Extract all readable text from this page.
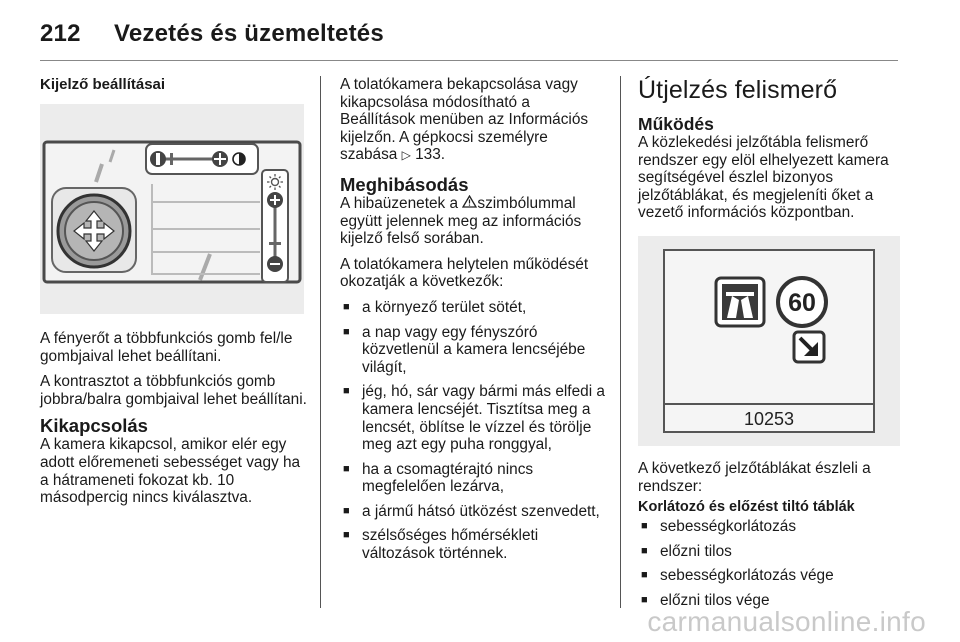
212 Vezetés és üzemeltetés
Kijelző beállításai

A fényerőt a többfunkciós gomb fel/le gombjaival lehet beállítani.

A kontrasztot a többfunkciós gomb jobbra/balra gombjaival lehet beállítani.

Kikapcsolás

A kamera kikapcsol, amikor elér egy adott előremeneti sebességet vagy ha a hátrameneti fokozat kb. 10 másodpercig nincs kiválasztva.

A tolatókamera bekapcsolása vagy kikapcsolása módosítható a Beállítások menüben az Információs kijelzőn. A gépkocsi személyre szabása ▷ 133.

Meghibásodás

A hibaüzenetek a szimbólummal együtt jelennek meg az információs kijelző felső sorában.

A tolatókamera helytelen működését okozatják a következők:

■ a környező terület sötét,
■ a nap vagy egy fényszóró közvetlenül a kamera lencséjébe világít,
■ jég, hó, sár vagy bármi más elfedi a kamera lencséjét. Tisztítsa meg a lencsét, öblítse le vízzel és törölje meg azt egy puha ronggyal,
■ ha a csomagtérajtó nincs megfelelően lezárva,
■ a jármű hátsó ütközést szenvedett,
■ szélsőséges hőmérsékleti változások történnek.
Útjelzés felismerő
Működés

A közlekedési jelzőtábla felismerő rendszer egy elöl elhelyezett kamera segítségével észlel bizonyos jelzőtáblákat, és megjeleníti őket a vezető információs központban.

60
10253

A következő jelzőtáblákat észleli a rendszer:

Korlátozó és előzést tiltó táblák
■ sebességkorlátozás
■ előzni tilos
■ sebességkorlátozás vége
■ előzni tilos vége
carmanualsonline.info
